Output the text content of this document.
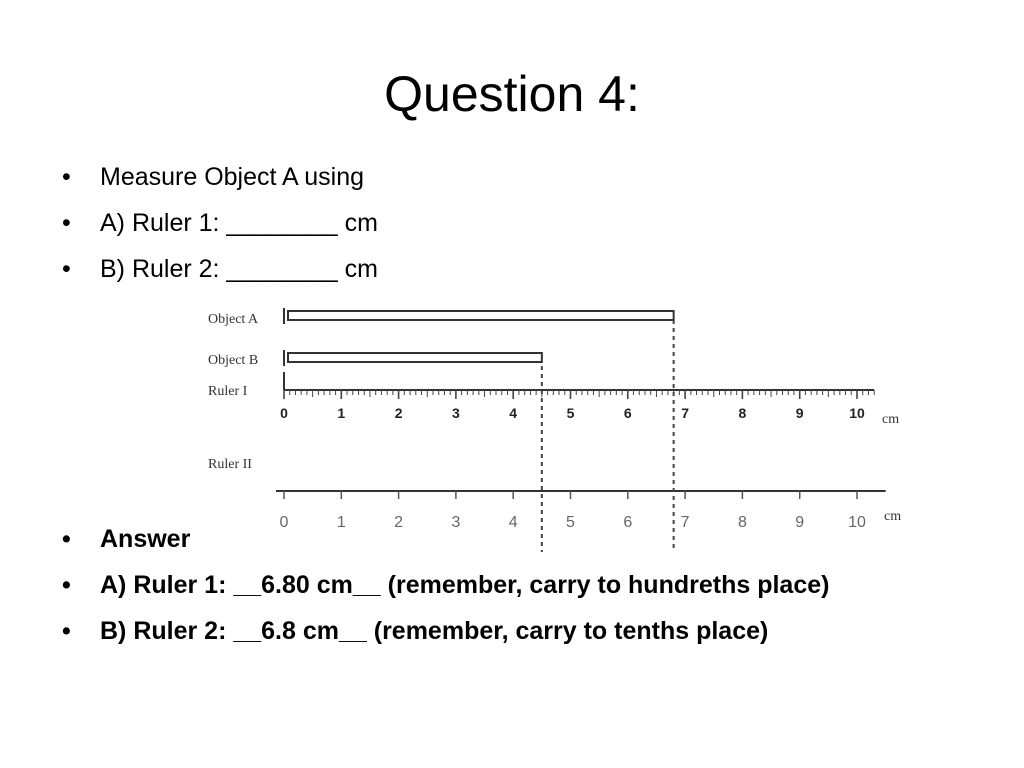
Question 4:
• Measure Object A using
• A) Ruler 1: ________ cm
• B) Ruler 2: ________ cm
0	1	2	3	4	5	6	7	8	9	10
0	1	2	3	4	5	6	7	8	9	10
Object A
Object B
Ruler I
Ruler II
cm
cm
• Answer
• A) Ruler 1: __6.80 cm__ (remember, carry to hundreths place)
• B) Ruler 2: __6.8 cm__ (remember, carry to tenths place)
